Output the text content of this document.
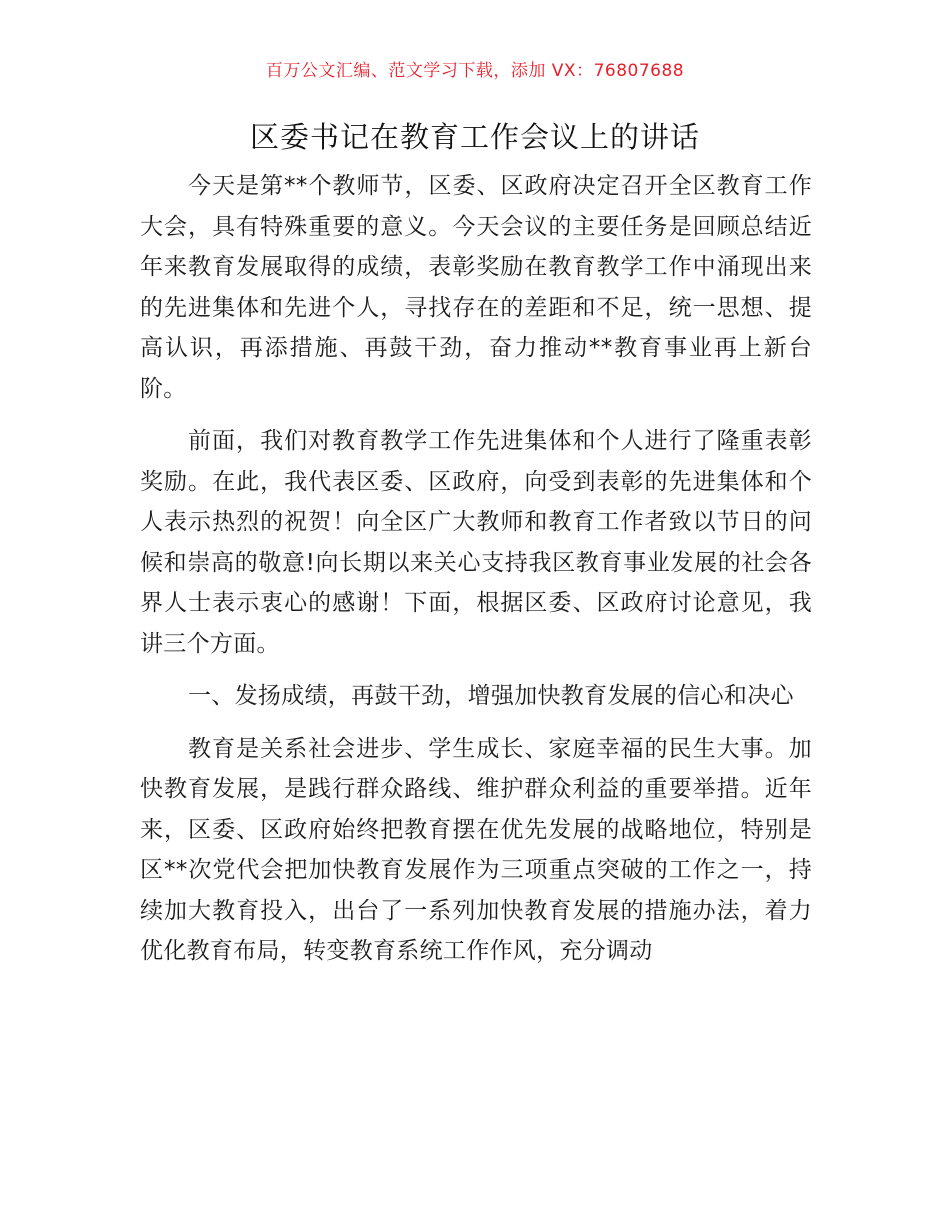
百万公文汇编、范文学习下载，添加 VX：76807688
区委书记在教育工作会议上的讲话

今天是第**个教师节，区委、区政府决定召开全区教育工作大会，具有特殊重要的意义。今天会议的主要任务是回顾总结近年来教育发展取得的成绩，表彰奖励在教育教学工作中涌现出来的先进集体和先进个人，寻找存在的差距和不足，统一思想、提高认识，再添措施、再鼓干劲，奋力推动**教育事业再上新台阶。

前面，我们对教育教学工作先进集体和个人进行了隆重表彰奖励。在此，我代表区委、区政府，向受到表彰的先进集体和个人表示热烈的祝贺！向全区广大教师和教育工作者致以节日的问候和崇高的敬意!向长期以来关心支持我区教育事业发展的社会各界人士表示衷心的感谢！下面，根据区委、区政府讨论意见，我讲三个方面。

一、发扬成绩，再鼓干劲，增强加快教育发展的信心和决心

教育是关系社会进步、学生成长、家庭幸福的民生大事。加快教育发展，是践行群众路线、维护群众利益的重要举措。近年来，区委、区政府始终把教育摆在优先发展的战略地位，特别是区**次党代会把加快教育发展作为三项重点突破的工作之一，持续加大教育投入，出台了一系列加快教育发展的措施办法，着力优化教育布局，转变教育系统工作作风，充分调动
